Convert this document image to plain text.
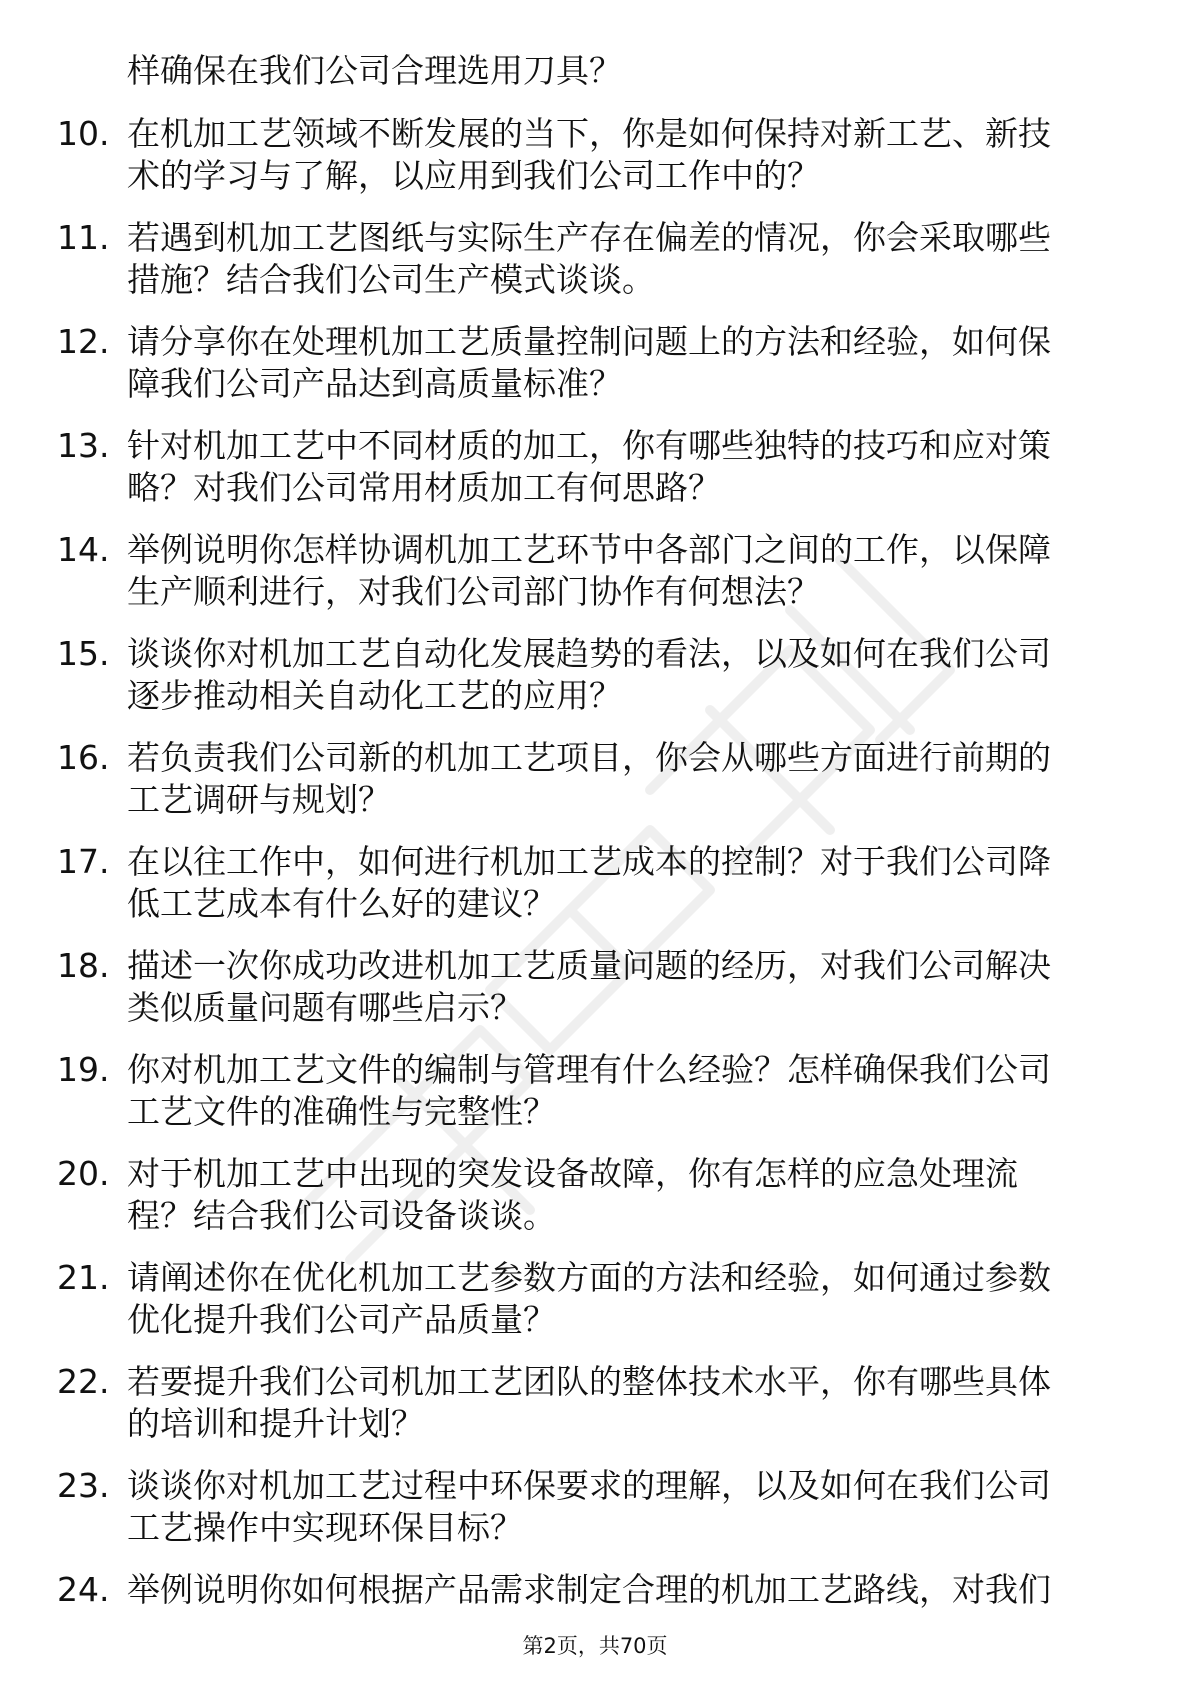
样确保在我们公司合理选用刀具？
10. 在机加工艺领域不断发展的当下，你是如何保持对新工艺、新技
术的学习与了解，以应用到我们公司工作中的？
11. 若遇到机加工艺图纸与实际生产存在偏差的情况，你会采取哪些
措施？结合我们公司生产模式谈谈。
12. 请分享你在处理机加工艺质量控制问题上的方法和经验，如何保
障我们公司产品达到高质量标准？
13. 针对机加工艺中不同材质的加工，你有哪些独特的技巧和应对策
略？对我们公司常用材质加工有何思路？
14. 举例说明你怎样协调机加工艺环节中各部门之间的工作，以保障
生产顺利进行，对我们公司部门协作有何想法？
15. 谈谈你对机加工艺自动化发展趋势的看法，以及如何在我们公司
逐步推动相关自动化工艺的应用？
16. 若负责我们公司新的机加工艺项目，你会从哪些方面进行前期的
工艺调研与规划？
17. 在以往工作中，如何进行机加工艺成本的控制？对于我们公司降
低工艺成本有什么好的建议？
18. 描述一次你成功改进机加工艺质量问题的经历，对我们公司解决
类似质量问题有哪些启示？
19. 你对机加工艺文件的编制与管理有什么经验？怎样确保我们公司
工艺文件的准确性与完整性？
20. 对于机加工艺中出现的突发设备故障，你有怎样的应急处理流
程？结合我们公司设备谈谈。
21. 请阐述你在优化机加工艺参数方面的方法和经验，如何通过参数
优化提升我们公司产品质量？
22. 若要提升我们公司机加工艺团队的整体技术水平，你有哪些具体
的培训和提升计划？
23. 谈谈你对机加工艺过程中环保要求的理解，以及如何在我们公司
工艺操作中实现环保目标？
24. 举例说明你如何根据产品需求制定合理的机加工艺路线，对我们
第2页，共70页
